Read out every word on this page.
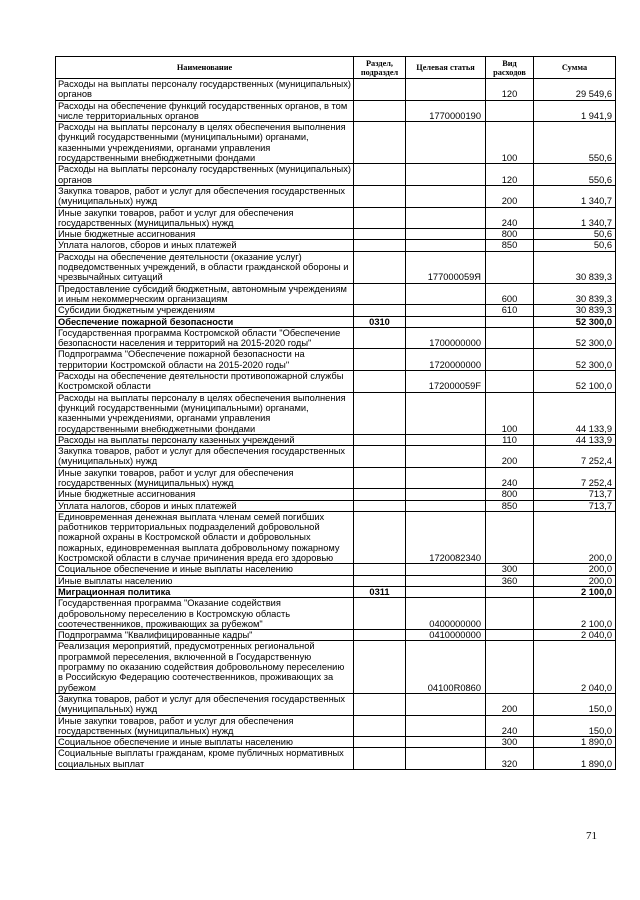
Наименование	Раздел, подраздел	Целевая статья	Вид расходов	Сумма
Расходы на выплаты персоналу государственных (муниципальных) органов			120	29 549,6
Расходы на обеспечение функций государственных органов, в том числе территориальных органов		1770000190		1 941,9
Расходы на выплаты персоналу в целях обеспечения выполнения функций государственными (муниципальными) органами, казенными учреждениями, органами управления государственными внебюджетными фондами			100	550,6
Расходы на выплаты персоналу государственных (муниципальных) органов			120	550,6
Закупка товаров, работ и услуг для обеспечения государственных (муниципальных) нужд			200	1 340,7
Иные закупки товаров, работ и услуг для обеспечения государственных (муниципальных) нужд			240	1 340,7
Иные бюджетные ассигнования			800	50,6
Уплата налогов, сборов и иных платежей			850	50,6
Расходы на обеспечение деятельности (оказание услуг) подведомственных учреждений, в области гражданской обороны и чрезвычайных ситуаций		177000059Я		30 839,3
Предоставление субсидий бюджетным, автономным учреждениям и иным некоммерческим организациям			600	30 839,3
Субсидии бюджетным учреждениям			610	30 839,3
Обеспечение пожарной безопасности	0310			52 300,0
Государственная программа Костромской области "Обеспечение безопасности населения и территорий на 2015-2020 годы"		1700000000		52 300,0
Подпрограмма "Обеспечение пожарной безопасности на территории Костромской области на 2015-2020 годы"		1720000000		52 300,0
Расходы на обеспечение деятельности противопожарной службы Костромской области		172000059F		52 100,0
Расходы на выплаты персоналу в целях обеспечения выполнения функций государственными (муниципальными) органами, казенными учреждениями, органами управления государственными внебюджетными фондами			100	44 133,9
Расходы на выплаты персоналу казенных учреждений			110	44 133,9
Закупка товаров, работ и услуг для обеспечения государственных (муниципальных) нужд			200	7 252,4
Иные закупки товаров, работ и услуг для обеспечения государственных (муниципальных) нужд			240	7 252,4
Иные бюджетные ассигнования			800	713,7
Уплата налогов, сборов и иных платежей			850	713,7
Единовременная денежная выплата членам семей погибших работников территориальных подразделений добровольной пожарной охраны в Костромской области и добровольных пожарных, единовременная выплата добровольному пожарному Костромской области в случае причинения вреда его здоровью		1720082340		200,0
Социальное обеспечение и иные выплаты населению			300	200,0
Иные выплаты населению			360	200,0
Миграционная политика	0311			2 100,0
Государственная программа "Оказание содействия добровольному переселению в Костромскую область соотечественников, проживающих за рубежом"		0400000000		2 100,0
Подпрограмма "Квалифицированные кадры"		0410000000		2 040,0
Реализация мероприятий, предусмотренных региональной программой переселения, включенной в Государственную программу по оказанию содействия добровольному переселению в Российскую Федерацию соотечественников, проживающих за рубежом		04100R0860		2 040,0
Закупка товаров, работ и услуг для обеспечения государственных (муниципальных) нужд			200	150,0
Иные закупки товаров, работ и услуг для обеспечения государственных (муниципальных) нужд			240	150,0
Социальное обеспечение и иные выплаты населению			300	1 890,0
Социальные выплаты гражданам, кроме публичных нормативных социальных выплат			320	1 890,0
71
